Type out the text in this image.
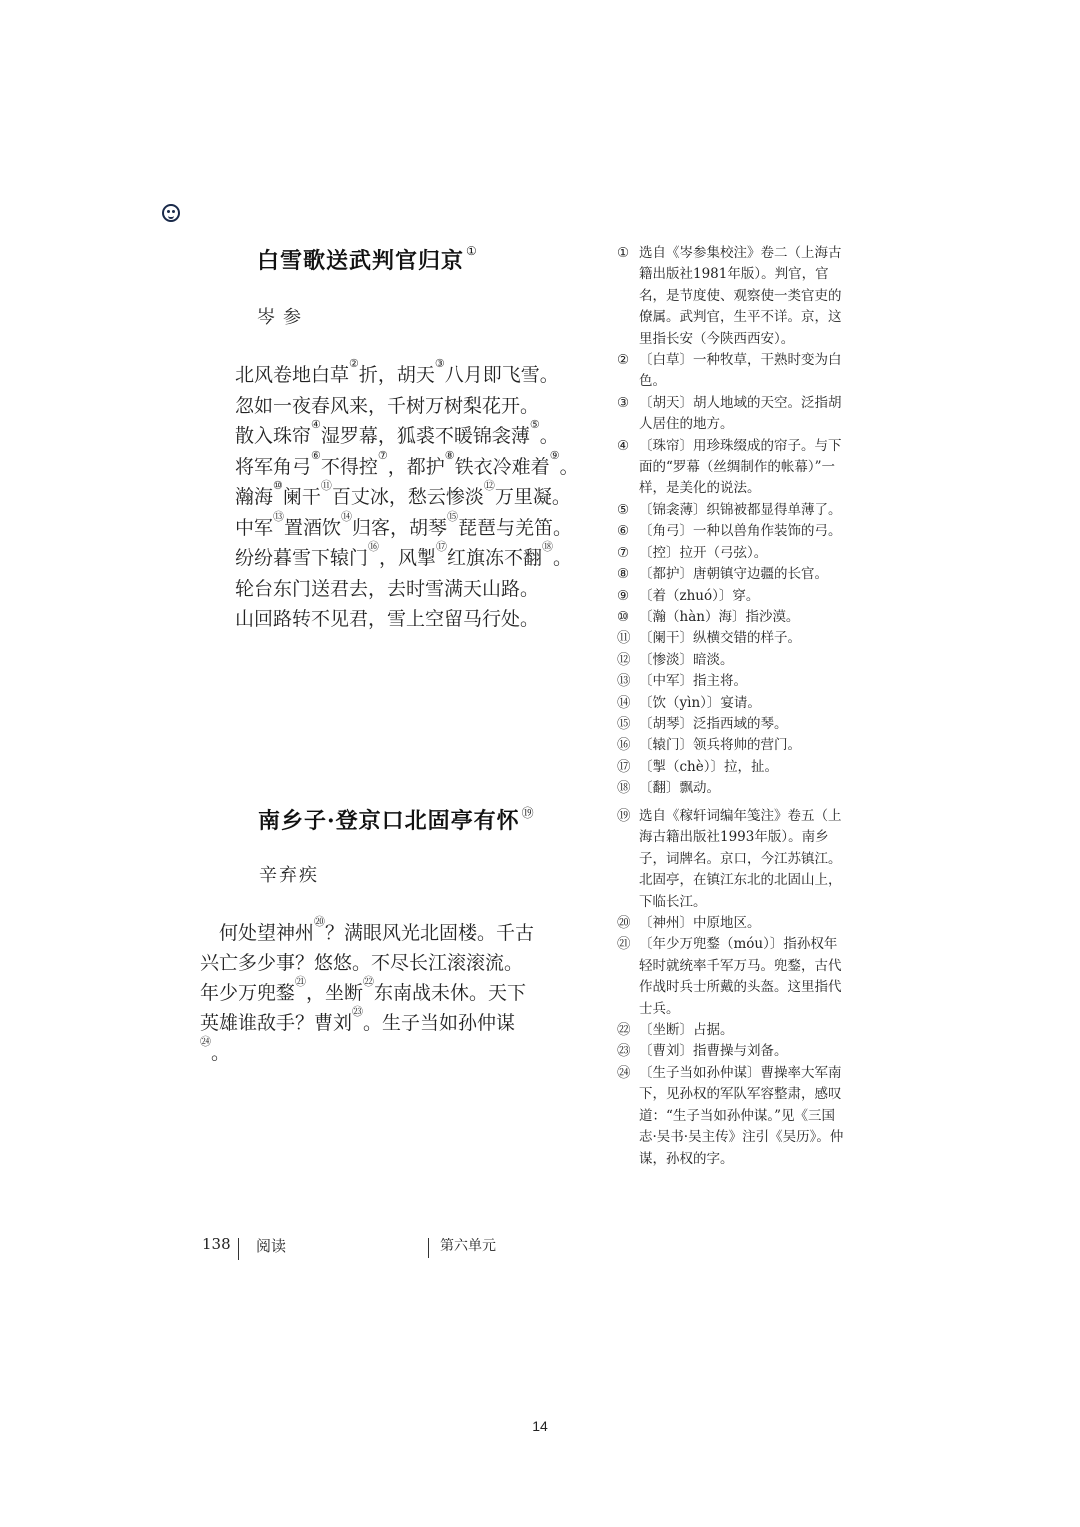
白雪歌送武判官归京 ①
岑参
北风卷地白草②折，胡天③八月即飞雪。
忽如一夜春风来，千树万树梨花开。
散入珠帘④湿罗幕，狐裘不暖锦衾薄⑤。
将军角弓⑥不得控⑦，都护⑧铁衣冷难着⑨。
瀚海⑩阑干⑪百丈冰，愁云惨淡⑫万里凝。
中军⑬置酒饮⑭归客，胡琴⑮琵琶与羌笛。
纷纷暮雪下辕门⑯，风掣⑰红旗冻不翻⑱。
轮台东门送君去，去时雪满天山路。
山回路转不见君，雪上空留马行处。
① 选自《岑参集校注》卷二（上海古籍出版社1981年版）。判官，官名，是节度使、观察使一类官吏的僚属。武判官，生平不详。京，这里指长安（今陕西西安）。
② 〔白草〕一种牧草，干熟时变为白色。
③ 〔胡天〕胡人地域的天空。泛指胡人居住的地方。
④ 〔珠帘〕用珍珠缀成的帘子。与下面的“罗幕（丝绸制作的帐幕）”一样，是美化的说法。
⑤ 〔锦衾薄〕织锦被都显得单薄了。
⑥ 〔角弓〕一种以兽角作装饰的弓。
⑦ 〔控〕拉开（弓弦）。
⑧ 〔都护〕唐朝镇守边疆的长官。
⑨ 〔着（zhuó）〕穿。
⑩ 〔瀚（hàn）海〕指沙漠。
⑪ 〔阑干〕纵横交错的样子。
⑫ 〔惨淡〕暗淡。
⑬ 〔中军〕指主将。
⑭ 〔饮（yìn）〕宴请。
⑮ 〔胡琴〕泛指西域的琴。
⑯ 〔辕门〕领兵将帅的营门。
⑰ 〔掣（chè）〕拉，扯。
⑱ 〔翻〕飘动。
南乡子·登京口北固亭有怀 ⑲
辛弃疾

　何处望神州⑳？满眼风光北固楼。千古兴亡多少事？悠悠。不尽长江滚滚流。　　年少万兜鍪$^㉑$，坐断$^㉒$东南战未休。天下英雄谁敌手？曹刘$^㉓$。生子当如孙仲谋$^㉔$。

⑲ 选自《稼轩词编年笺注》卷五（上海古籍出版社1993年版）。南乡子，词牌名。京口，今江苏镇江。北固亭，在镇江东北的北固山上，下临长江。
⑳ 〔神州〕中原地区。
㉑ 〔年少万兜鍪（móu）〕指孙权年轻时就统率千军万马。兜鍪，古代作战时兵士所戴的头盔。这里指代士兵。
㉒ 〔坐断〕占据。
㉓ 〔曹刘〕指曹操与刘备。
㉔ 〔生子当如孙仲谋〕曹操率大军南下，见孙权的军队军容整肃，感叹道：“生子当如孙仲谋。”见《三国志·吴书·吴主传》注引《吴历》。仲谋，孙权的字。
138 阅读	第六单元
14
